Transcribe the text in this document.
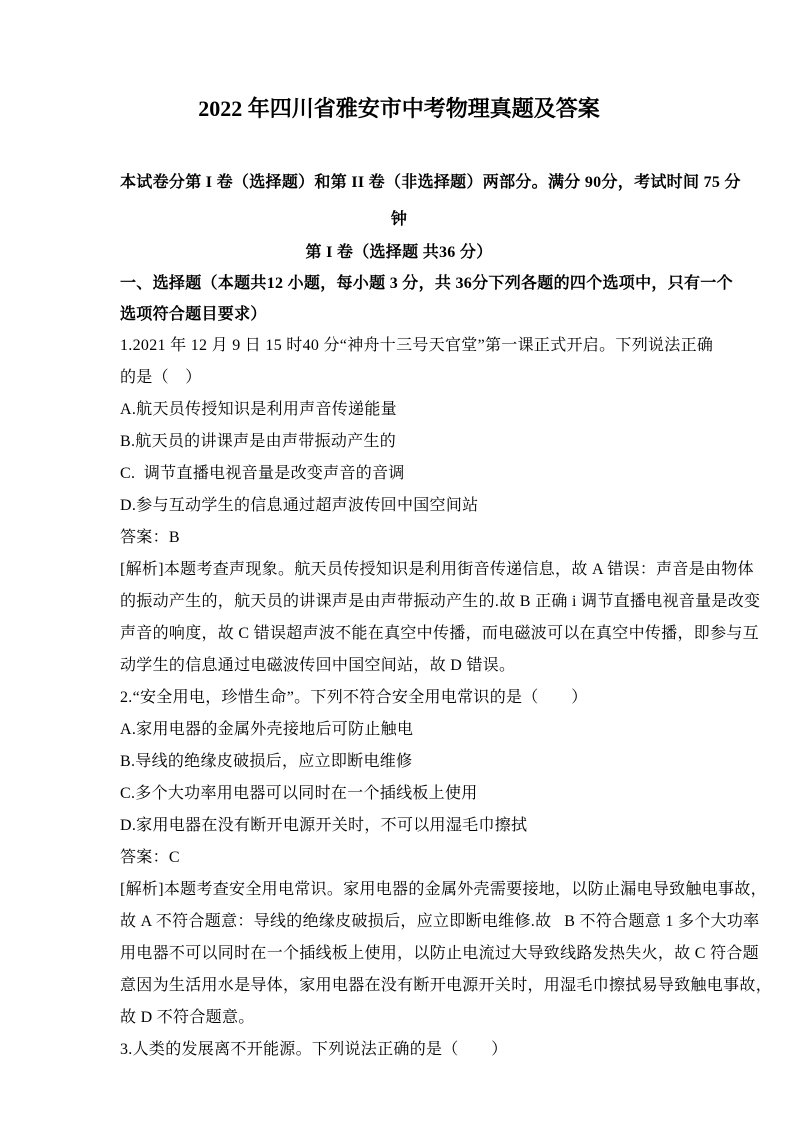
2022 年四川省雅安市中考物理真题及答案
本试卷分第 I 卷（选择题）和第 II 卷（非选择题）两部分。满分 90分，考试时间 75 分
钟
第 I 卷（选择题 共36 分）
一、选择题（本题共12 小题，每小题 3 分，共 36分下列各题的四个选项中，只有一个
选项符合题目要求）
1.2021 年 12 月 9 日 15 时40 分“神舟十三号天官堂”第一课正式开启。下列说法正确
的是（　）
A.航天员传授知识是利用声音传递能量
B.航天员的讲课声是由声带振动产生的
C.  调节直播电视音量是改变声音的音调
D.参与互动学生的信息通过超声波传回中国空间站
答案：B
[解析]本题考查声现象。航天员传授知识是利用街音传递信息，故 A 错误：声音是由物体
的振动产生的，航天员的讲课声是由声带振动产生的.故 B 正确 i 调节直播电视音量是改变
声音的响度，故 C 错误超声波不能在真空中传播，而电磁波可以在真空中传播，即参与互
动学生的信息通过电磁波传回中国空间站，故 D 错误。
2.“安全用电，珍惜生命”。下列不符合安全用电常识的是（　　）
A.家用电器的金属外壳接地后可防止触电
B.导线的绝缘皮破损后，应立即断电维修
C.多个大功率用电器可以同时在一个插线板上使用
D.家用电器在没有断开电源开关时，不可以用湿毛巾擦拭
答案：C
[解析]本题考查安全用电常识。家用电器的金属外壳需要接地，以防止漏电导致触电事故，
故 A 不符合题意：导线的绝缘皮破损后，应立即断电维修.故   B 不符合题意 1 多个大功率
用电器不可以同时在一个插线板上使用，以防止电流过大导致线路发热失火，故 C 符合题
意因为生活用水是导体，家用电器在没有断开电源开关时，用湿毛巾擦拭易导致触电事故，
故 D 不符合题意。
3.人类的发展离不开能源。下列说法正确的是（　　）
